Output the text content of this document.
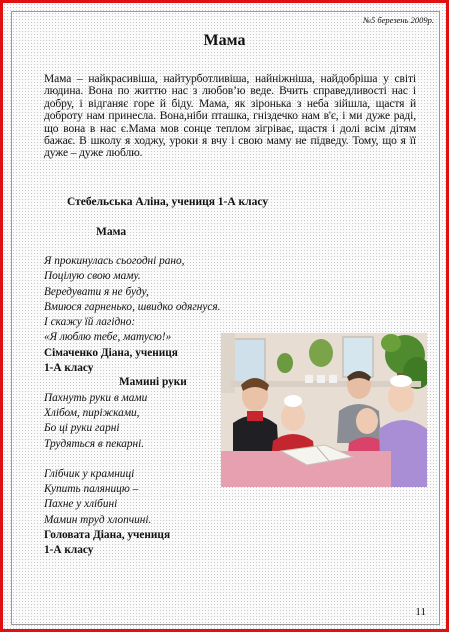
№5 березень 2009р.
Мама
Мама – найкрасивіша, найтурботливіша, найніжніша, найдобріша у світі людина. Вона по життю нас з любов’ю веде. Вчить справедливості нас і добру, і відганяє горе й біду. Мама, як зіронька з неба зійшла, щастя й доброту нам принесла. Вона,ніби пташка, гніздечко нам в'є, і ми дуже раді, що вона в нас є.Мама мов сонце теплом зігріває, щастя і долі всім дітям бажає. В школу я ходжу, уроки я вчу і свою маму не підведу. Тому, що я її дуже – дуже люблю.
Стебельська Аліна, учениця 1-А класу
Мама
Я прокинулась сьогодні рано,
Поцілую свою маму.
Вередувати я не буду,
Вмиюся гарненько, швидко одягнуся.
І скажу їй лагідно:
«Я люблю тебе, матусю!»
Сімаченко Діана, учениця
1-А класу
Мамині руки
Пахнуть руки в мами
Хлібом, пиріжками,
Бо ці руки гарні
Трудяться в пекарні.
Глібчик у крамниці
Купить паляницю –
Пахне у хлібині
Мамин труд хлопчині.
Головата Діана, учениця
1-А класу
11
